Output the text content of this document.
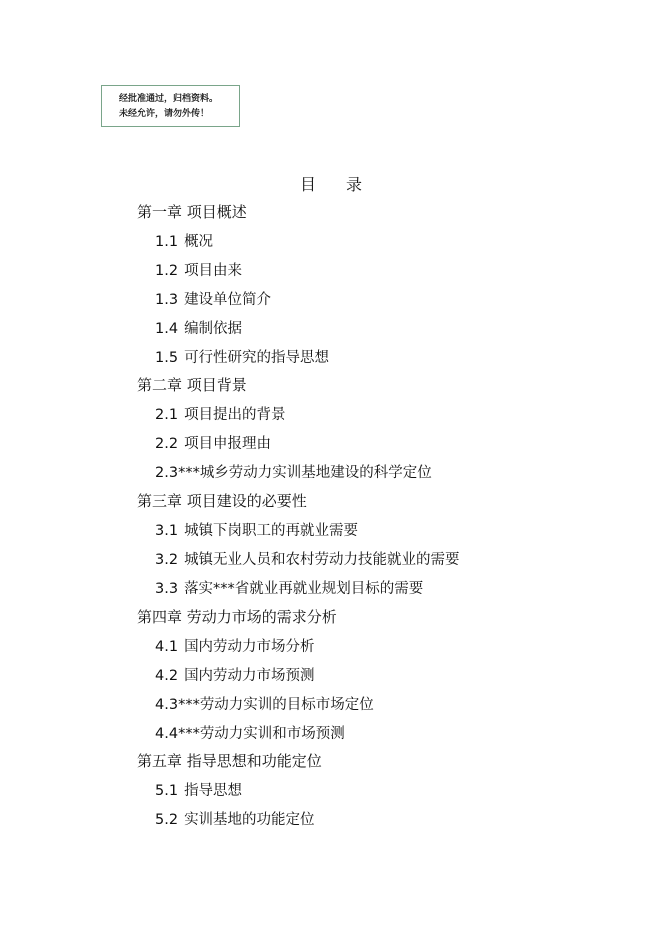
经批准通过，归档资料。
未经允许，请勿外传！
目 录
第一章 项目概述
1.1 概况
1.2 项目由来
1.3 建设单位简介
1.4 编制依据
1.5 可行性研究的指导思想
第二章 项目背景
2.1 项目提出的背景
2.2 项目申报理由
2.3***城乡劳动力实训基地建设的科学定位
第三章 项目建设的必要性
3.1 城镇下岗职工的再就业需要
3.2 城镇无业人员和农村劳动力技能就业的需要
3.3 落实***省就业再就业规划目标的需要
第四章 劳动力市场的需求分析
4.1 国内劳动力市场分析
4.2 国内劳动力市场预测
4.3***劳动力实训的目标市场定位
4.4***劳动力实训和市场预测
第五章 指导思想和功能定位
5.1 指导思想
5.2 实训基地的功能定位
